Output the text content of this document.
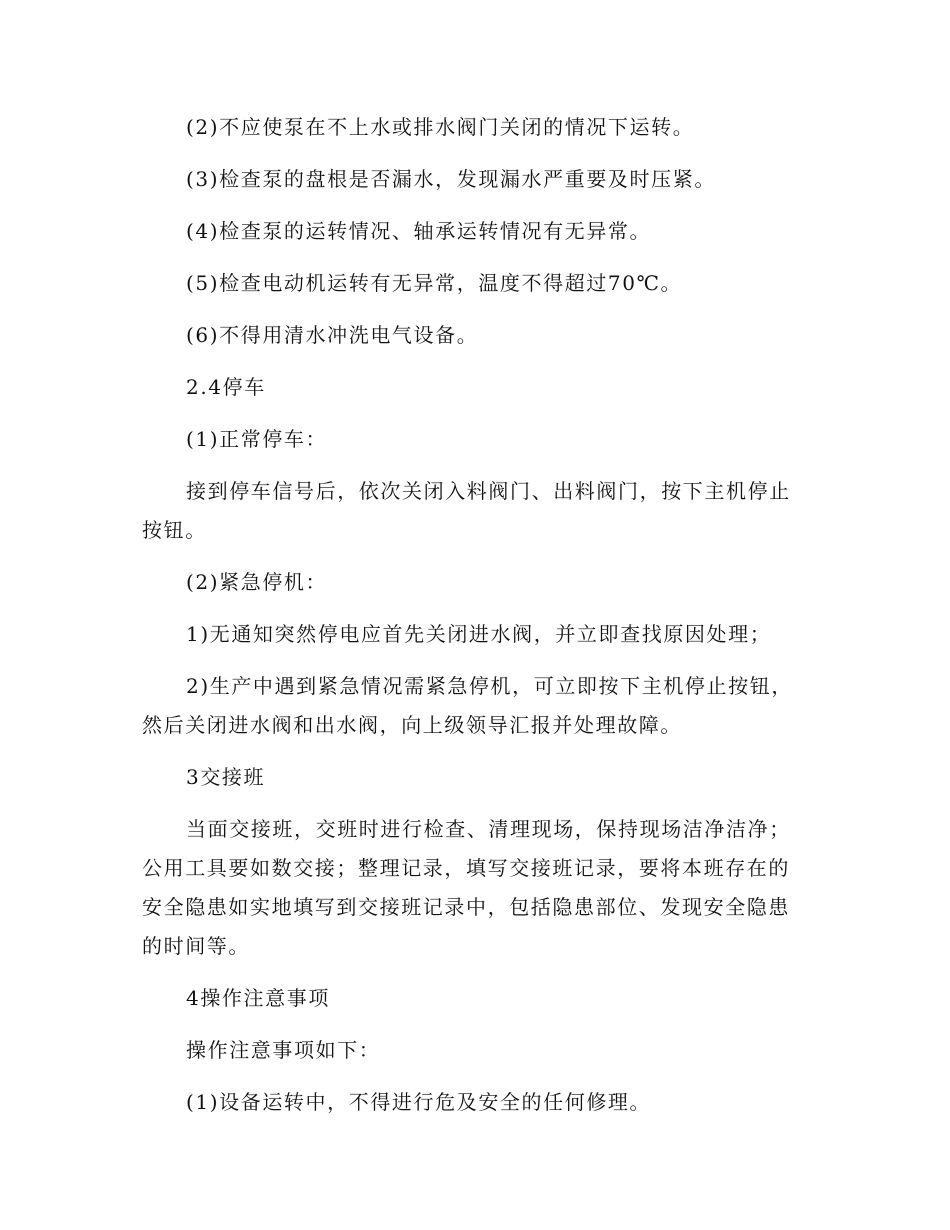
(2)不应使泵在不上水或排水阀门关闭的情况下运转。

(3)检查泵的盘根是否漏水，发现漏水严重要及时压紧。

(4)检查泵的运转情况、轴承运转情况有无异常。

(5)检查电动机运转有无异常，温度不得超过70℃。

(6)不得用清水冲洗电气设备。

2.4停车

(1)正常停车：

接到停车信号后，依次关闭入料阀门、出料阀门，按下主机停止按钮。

(2)紧急停机：

1)无通知突然停电应首先关闭进水阀，并立即查找原因处理；

2)生产中遇到紧急情况需紧急停机，可立即按下主机停止按钮，然后关闭进水阀和出水阀，向上级领导汇报并处理故障。

3交接班

当面交接班，交班时进行检查、清理现场，保持现场洁净洁净；公用工具要如数交接；整理记录，填写交接班记录，要将本班存在的安全隐患如实地填写到交接班记录中，包括隐患部位、发现安全隐患的时间等。

4操作注意事项

操作注意事项如下：

(1)设备运转中，不得进行危及安全的任何修理。
